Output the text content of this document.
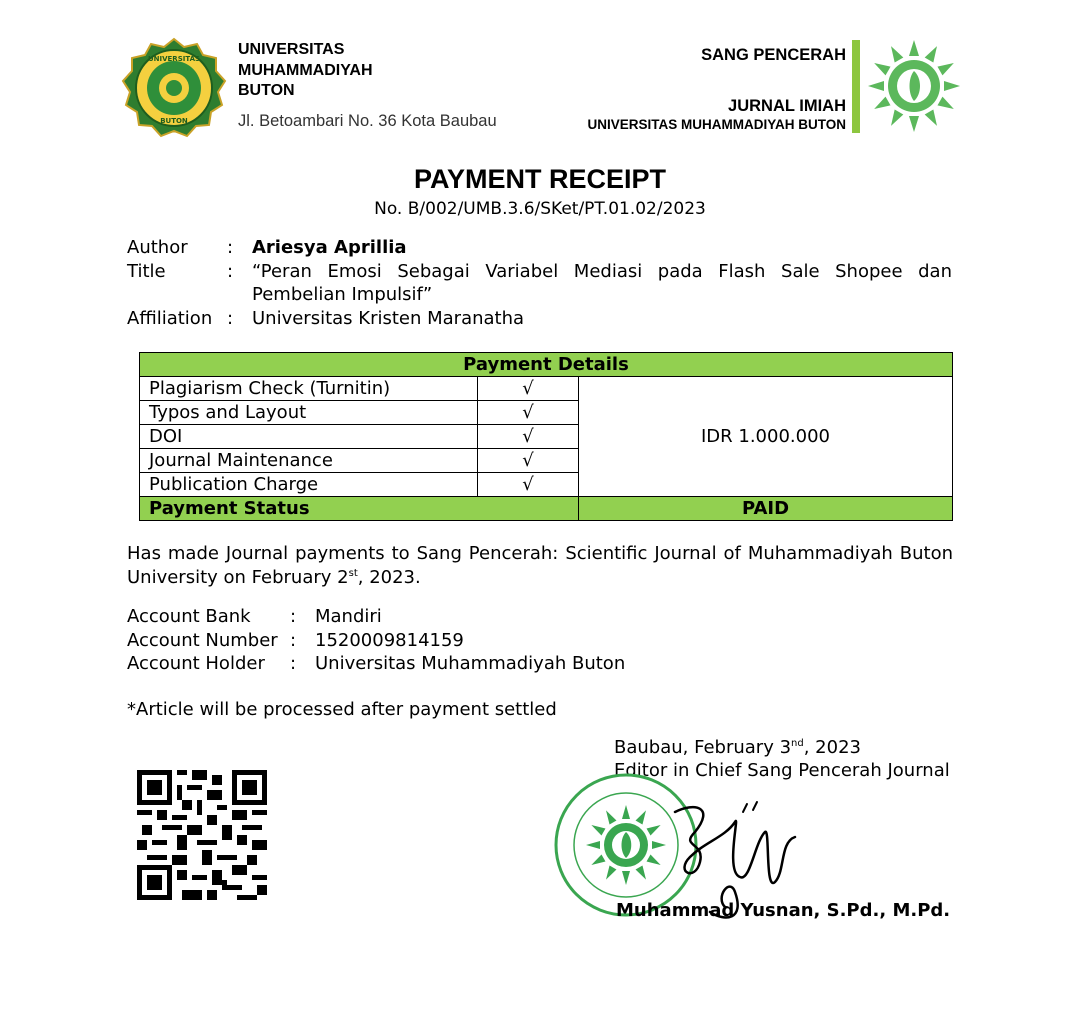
UNIVERSITAS
BUTON
UNIVERSITAS
MUHAMMADIYAH
BUTON
Jl. Betoambari No. 36 Kota Baubau
SANG PENCERAH
JURNAL IMIAH
UNIVERSITAS MUHAMMADIYAH BUTON
PAYMENT RECEIPT
No. B/002/UMB.3.6/SKet/PT.01.02/2023
Author : Ariesya Aprillia
Title	: “Peran Emosi Sebagai Variabel Mediasi pada Flash Sale Shopee dan Pembelian Impulsif”
Affiliation : Universitas Kristen Maranatha
Payment Details		
Plagiarism Check (Turnitin)	√	IDR 1.000.000
Typos and Layout	√	
DOI	√	
Journal Maintenance	√	
Publication Charge	√	
Payment Status		PAID
Has made Journal payments to Sang Pencerah: Scientific Journal of Muhammadiyah Buton University on February 2st, 2023.
Account Bank : Mandiri
Account Number : 1520009814159
Account Holder : Universitas Muhammadiyah Buton
*Article will be processed after payment settled
Baubau, February 3nd, 2023
Editor in Chief Sang Pencerah Journal
Muhammad Yusnan, S.Pd., M.Pd.
